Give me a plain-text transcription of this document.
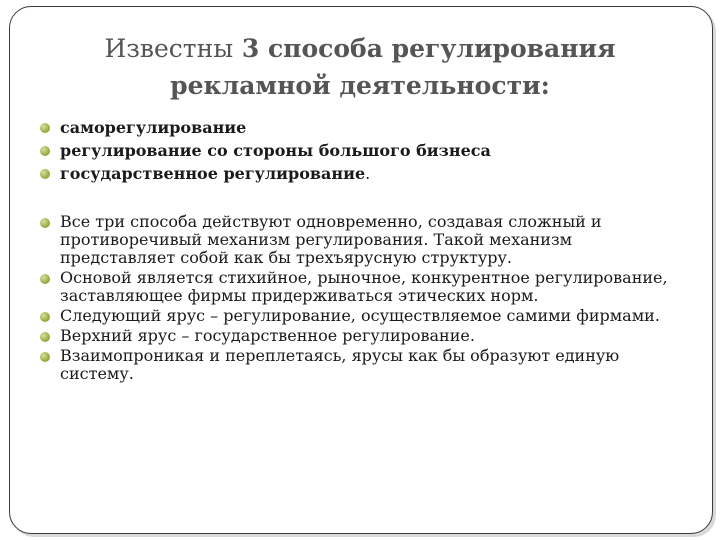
Известны 3 способа регулирования рекламной деятельности:
саморегулирование
регулирование со стороны большого бизнеса
государственное регулирование.
Все три способа действуют одновременно, создавая сложный и противоречивый механизм регулирования. Такой механизм представляет собой как бы трехъярусную структуру.
Основой является стихийное, рыночное, конкурентное регулирование, заставляющее фирмы придерживаться этических норм.
Следующий ярус – регулирование, осуществляемое самими фирмами.
Верхний ярус – государственное регулирование.
Взаимопроникая и переплетаясь, ярусы как бы образуют единую систему.
